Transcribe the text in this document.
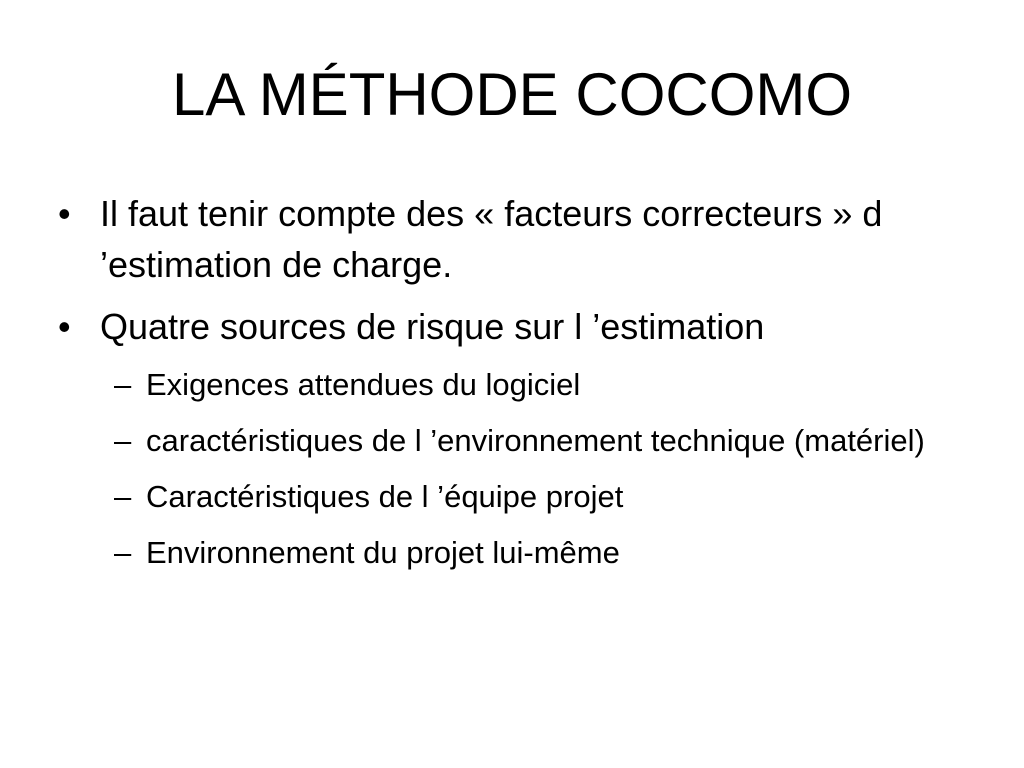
LA MÉTHODE COCOMO
• Il faut tenir compte des « facteurs correcteurs » d ’estimation de charge.
• Quatre sources de risque sur l ’estimation
– Exigences attendues du logiciel
– caractéristiques de l ’environnement technique (matériel)
– Caractéristiques de l ’équipe projet
– Environnement du projet lui-même
